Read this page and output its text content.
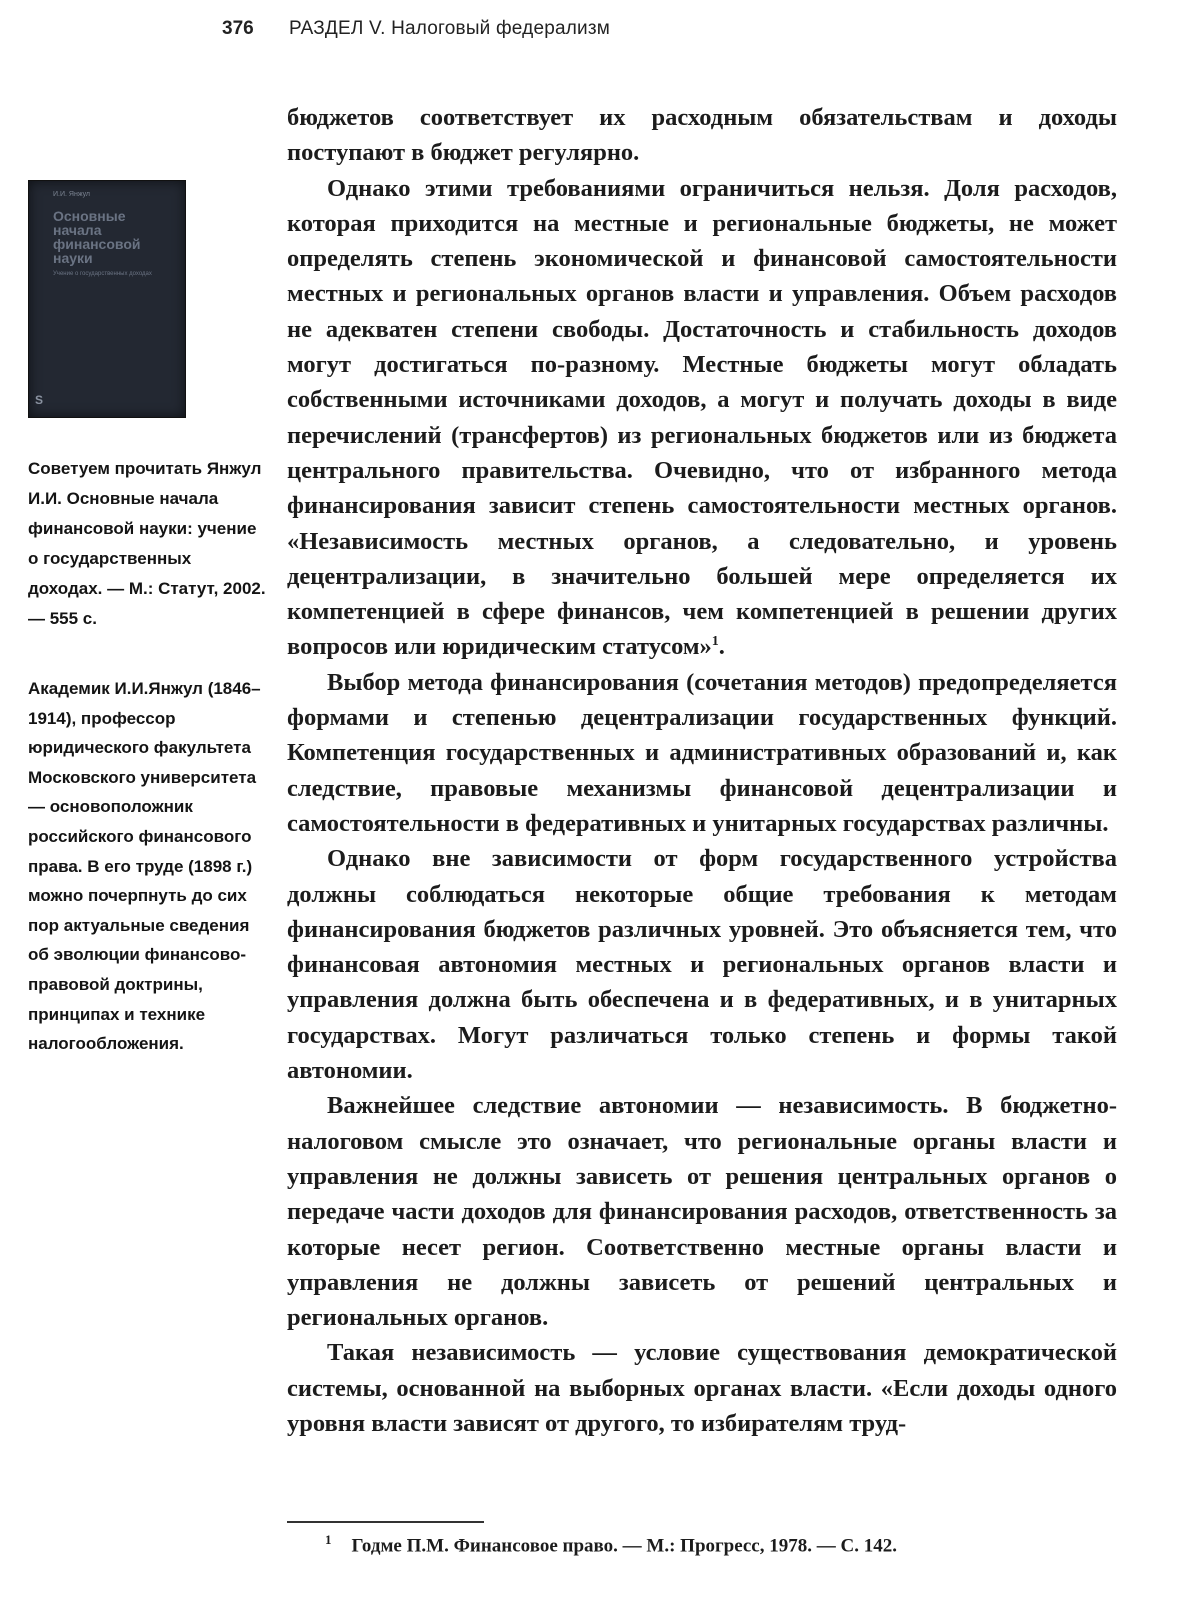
376 РАЗДЕЛ V. Налоговый федерализм
И.И. Янжул
Основные начала финансовой науки
Учение о государственных доходах
S

Советуем прочитать Янжул И.И. Основные начала финансовой науки: учение о государственных доходах. — М.: Статут, 2002. — 555 с.

Академик И.И.Янжул (1846–1914), профессор юридического факультета Московского университета — основоположник российского финансового права. В его труде (1898 г.) можно почерпнуть до сих пор актуальные сведения об эволюции финансово-правовой доктрины, принципах и технике налогообложения.

бюджетов соответствует их расходным обязательствам и доходы поступают в бюджет регулярно.

Однако этими требованиями ограничиться нельзя. Доля расходов, которая приходится на местные и региональные бюджеты, не может определять степень экономической и финансовой самостоятельности местных и региональных органов власти и управления. Объем расходов не адекватен степени свободы. Достаточность и стабильность доходов могут достигаться по-разному. Местные бюджеты могут обладать собственными источниками доходов, а могут и получать доходы в виде перечислений (трансфертов) из региональных бюджетов или из бюджета центрального правительства. Очевидно, что от избранного метода финансирования зависит степень самостоятельности местных органов. «Независимость местных органов, а следовательно, и уровень децентрализации, в значительно большей мере определяется их компетенцией в сфере финансов, чем компетенцией в решении других вопросов или юридическим статусом»$^1$.

Выбор метода финансирования (сочетания методов) предопределяется формами и степенью децентрализации государственных функций. Компетенция государственных и административных образований и, как следствие, правовые механизмы финансовой децентрализации и самостоятельности в федеративных и унитарных государствах различны.

Однако вне зависимости от форм государственного устройства должны соблюдаться некоторые общие требования к методам финансирования бюджетов различных уровней. Это объясняется тем, что финансовая автономия местных и региональных органов власти и управления должна быть обеспечена и в федеративных, и в унитарных государствах. Могут различаться только степень и формы такой автономии.

Важнейшее следствие автономии — независимость. В бюджетно-налоговом смысле это означает, что региональные органы власти и управления не должны зависеть от решения центральных органов о передаче части доходов для финансирования расходов, ответственность за которые несет регион. Соответственно местные органы власти и управления не должны зависеть от решений центральных и региональных органов.

Такая независимость — условие существования демократической системы, основанной на выборных органах власти. «Если доходы одного уровня власти зависят от другого, то избирателям труд-

$^1$ Годме П.М. Финансовое право. — М.: Прогресс, 1978. — С. 142.
